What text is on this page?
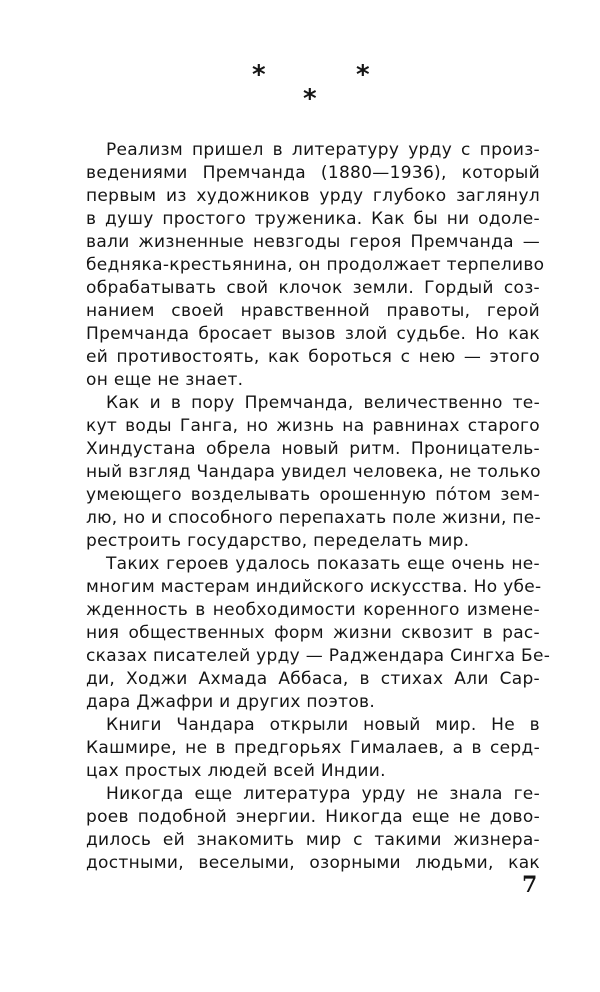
*	*
*
Реализм пришел в литературу урду с произ-
ведениями Премчанда (1880—1936), который
первым из художников урду глубоко заглянул
в душу простого труженика. Как бы ни одоле-
вали жизненные невзгоды героя Премчанда —
бедняка-крестьянина, он продолжает терпеливо
обрабатывать свой клочок земли. Гордый соз-
нанием своей нравственной правоты, герой
Премчанда бросает вызов злой судьбе. Но как
ей противостоять, как бороться с нею — этого
он еще не знает.
Как и в пору Премчанда, величественно те-
кут воды Ганга, но жизнь на равнинах старого
Хиндустана обрела новый ритм. Проницатель-
ный взгляд Чандара увидел человека, не только
умеющего возделывать орошенную пóтом зем-
лю, но и способного перепахать поле жизни, пе-
рестроить государство, переделать мир.
Таких героев удалось показать еще очень не-
многим мастерам индийского искусства. Но убе-
жденность в необходимости коренного измене-
ния общественных форм жизни сквозит в рас-
сказах писателей урду — Раджендара Сингха Бе-
ди, Ходжи Ахмада Аббаса, в стихах Али Сар-
дара Джафри и других поэтов.
Книги Чандара открыли новый мир. Не в
Кашмире, не в предгорьях Гималаев, а в серд-
цах простых людей всей Индии.
Никогда еще литература урду не знала ге-
роев подобной энергии. Никогда еще не дово-
дилось ей знакомить мир с такими жизнера-
достными, веселыми, озорными людьми, как
7
